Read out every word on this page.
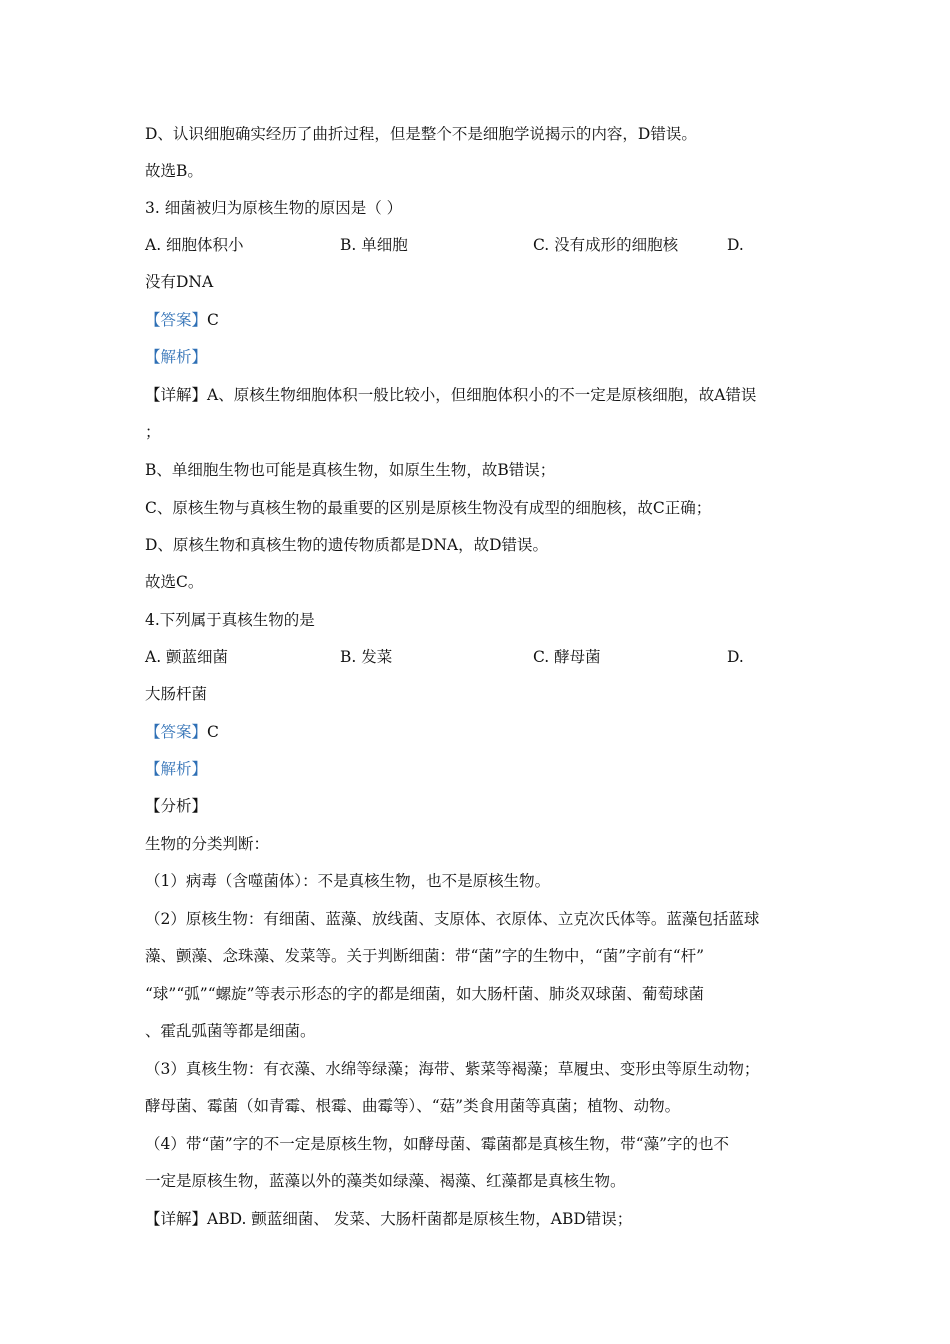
D、认识细胞确实经历了曲折过程，但是整个不是细胞学说揭示的内容，D错误。
故选B。
3. 细菌被归为原核生物的原因是（ ）
A. 细胞体积小	B. 单细胞	C. 没有成形的细胞核	D.
没有DNA
【答案】C
【解析】
【详解】A、原核生物细胞体积一般比较小，但细胞体积小的不一定是原核细胞，故A错误
；
B、单细胞生物也可能是真核生物，如原生生物，故B错误；
C、原核生物与真核生物的最重要的区别是原核生物没有成型的细胞核，故C正确；
D、原核生物和真核生物的遗传物质都是DNA，故D错误。
故选C。
4.下列属于真核生物的是
A. 颤蓝细菌	B. 发菜	C. 酵母菌	D.
大肠杆菌
【答案】C
【解析】
【分析】
生物的分类判断：
（1）病毒（含噬菌体）：不是真核生物，也不是原核生物。
（2）原核生物：有细菌、蓝藻、放线菌、支原体、衣原体、立克次氏体等。蓝藻包括蓝球
藻、颤藻、念珠藻、发菜等。关于判断细菌：带“菌”字的生物中，“菌”字前有“杆”
“球”“弧”“螺旋”等表示形态的字的都是细菌，如大肠杆菌、肺炎双球菌、葡萄球菌
、霍乱弧菌等都是细菌。
（3）真核生物：有衣藻、水绵等绿藻；海带、紫菜等褐藻；草履虫、变形虫等原生动物；
酵母菌、霉菌（如青霉、根霉、曲霉等）、“菇”类食用菌等真菌；植物、动物。
（4）带“菌”字的不一定是原核生物，如酵母菌、霉菌都是真核生物，带“藻”字的也不
一定是原核生物，蓝藻以外的藻类如绿藻、褐藻、红藻都是真核生物。
【详解】ABD. 颤蓝细菌、 发菜、大肠杆菌都是原核生物，ABD错误；
